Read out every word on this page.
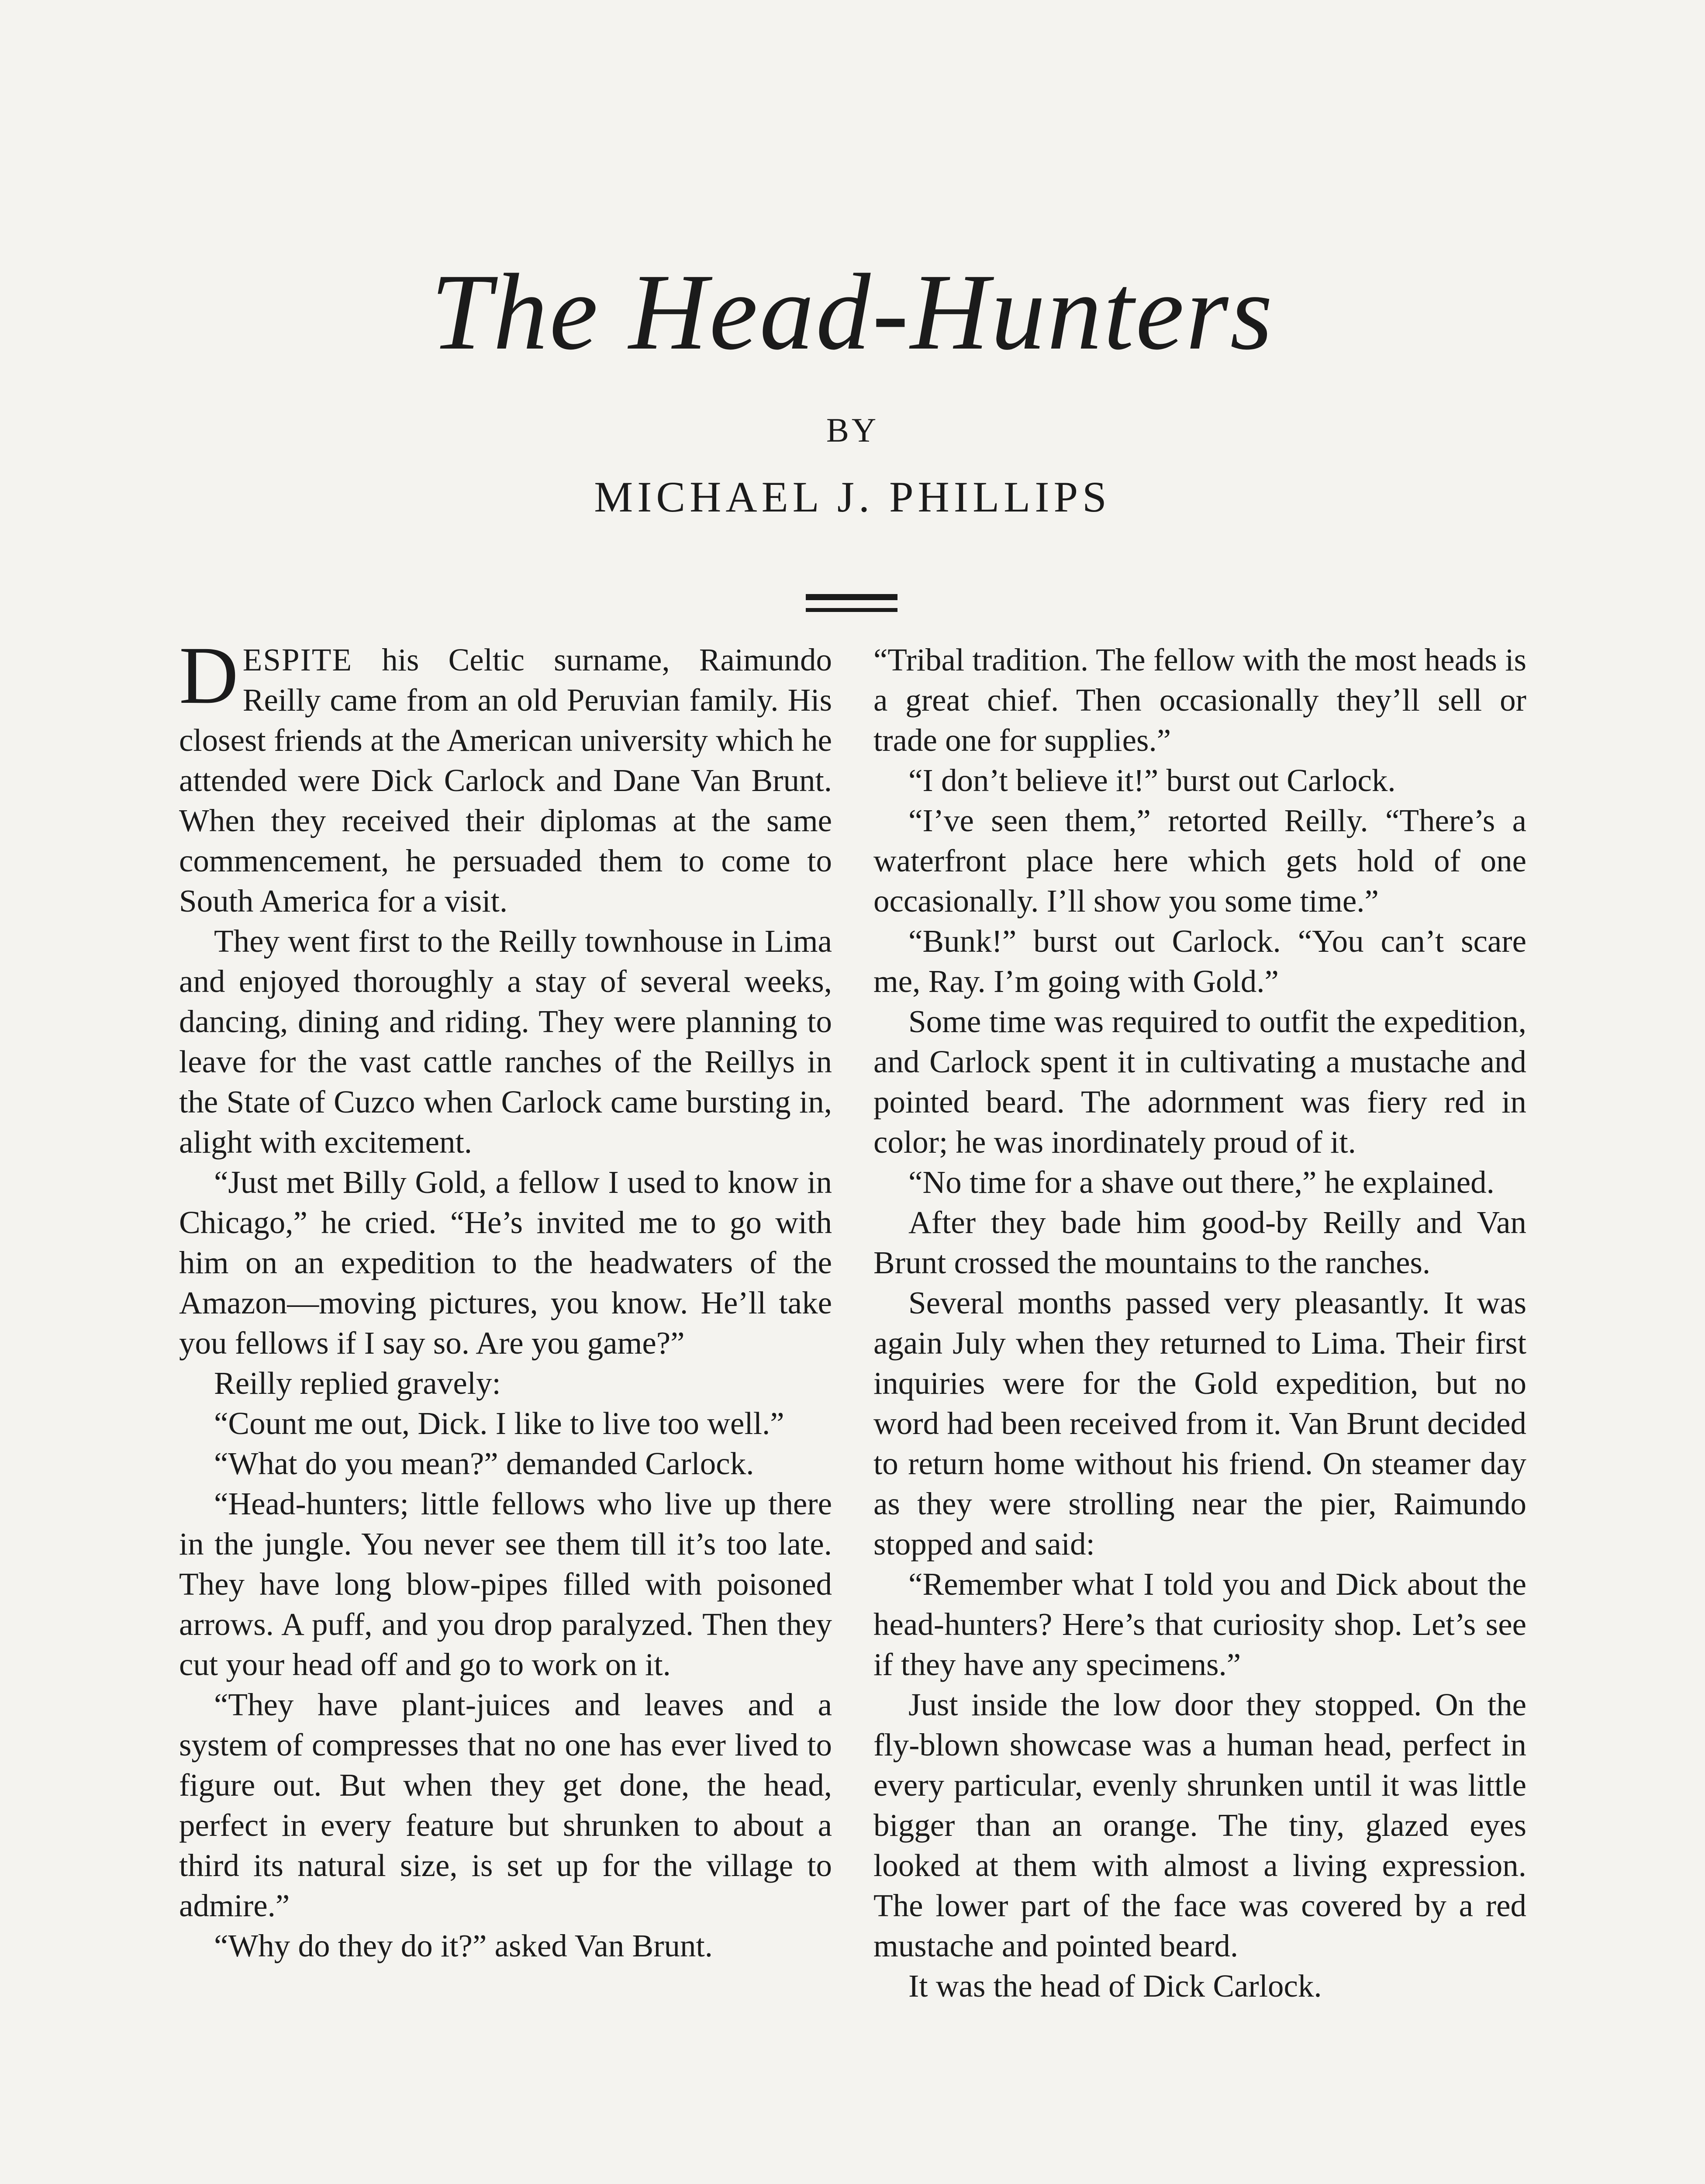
The Head-Hunters
BY
MICHAEL J. PHILLIPS

DESPITE his Celtic surname, Raimundo Reilly came from an old Peruvian family. His closest friends at the American university which he attended were Dick Carlock and Dane Van Brunt. When they received their diplomas at the same commencement, he persuaded them to come to South America for a visit.

They went first to the Reilly townhouse in Lima and enjoyed thoroughly a stay of several weeks, dancing, dining and riding. They were planning to leave for the vast cattle ranches of the Reillys in the State of Cuzco when Carlock came bursting in, alight with excitement.

“Just met Billy Gold, a fellow I used to know in Chicago,” he cried. “He’s invited me to go with him on an expedition to the headwaters of the Amazon—moving pictures, you know. He’ll take you fellows if I say so. Are you game?”

Reilly replied gravely:

“Count me out, Dick. I like to live too well.”

“What do you mean?” demanded Carlock.

“Head-hunters; little fellows who live up there in the jungle. You never see them till it’s too late. They have long blow-pipes filled with poisoned arrows. A puff, and you drop paralyzed. Then they cut your head off and go to work on it.

“They have plant-juices and leaves and a system of compresses that no one has ever lived to figure out. But when they get done, the head, perfect in every feature but shrunken to about a third its natural size, is set up for the village to admire.”

“Why do they do it?” asked Van Brunt.

“Tribal tradition. The fellow with the most heads is a great chief. Then occasionally they’ll sell or trade one for supplies.”

“I don’t believe it!” burst out Carlock.

“I’ve seen them,” retorted Reilly. “There’s a waterfront place here which gets hold of one occasionally. I’ll show you some time.”

“Bunk!” burst out Carlock. “You can’t scare me, Ray. I’m going with Gold.”

Some time was required to outfit the expedition, and Carlock spent it in cultivating a mustache and pointed beard. The adornment was fiery red in color; he was inordinately proud of it.

“No time for a shave out there,” he explained.

After they bade him good-by Reilly and Van Brunt crossed the mountains to the ranches.

Several months passed very pleasantly. It was again July when they returned to Lima. Their first inquiries were for the Gold expedition, but no word had been received from it. Van Brunt decided to return home without his friend. On steamer day as they were strolling near the pier, Raimundo stopped and said:

“Remember what I told you and Dick about the head-hunters? Here’s that curiosity shop. Let’s see if they have any specimens.”

Just inside the low door they stopped. On the fly-blown showcase was a human head, perfect in every particular, evenly shrunken until it was little bigger than an orange. The tiny, glazed eyes looked at them with almost a living expression. The lower part of the face was covered by a red mustache and pointed beard.

It was the head of Dick Carlock.
